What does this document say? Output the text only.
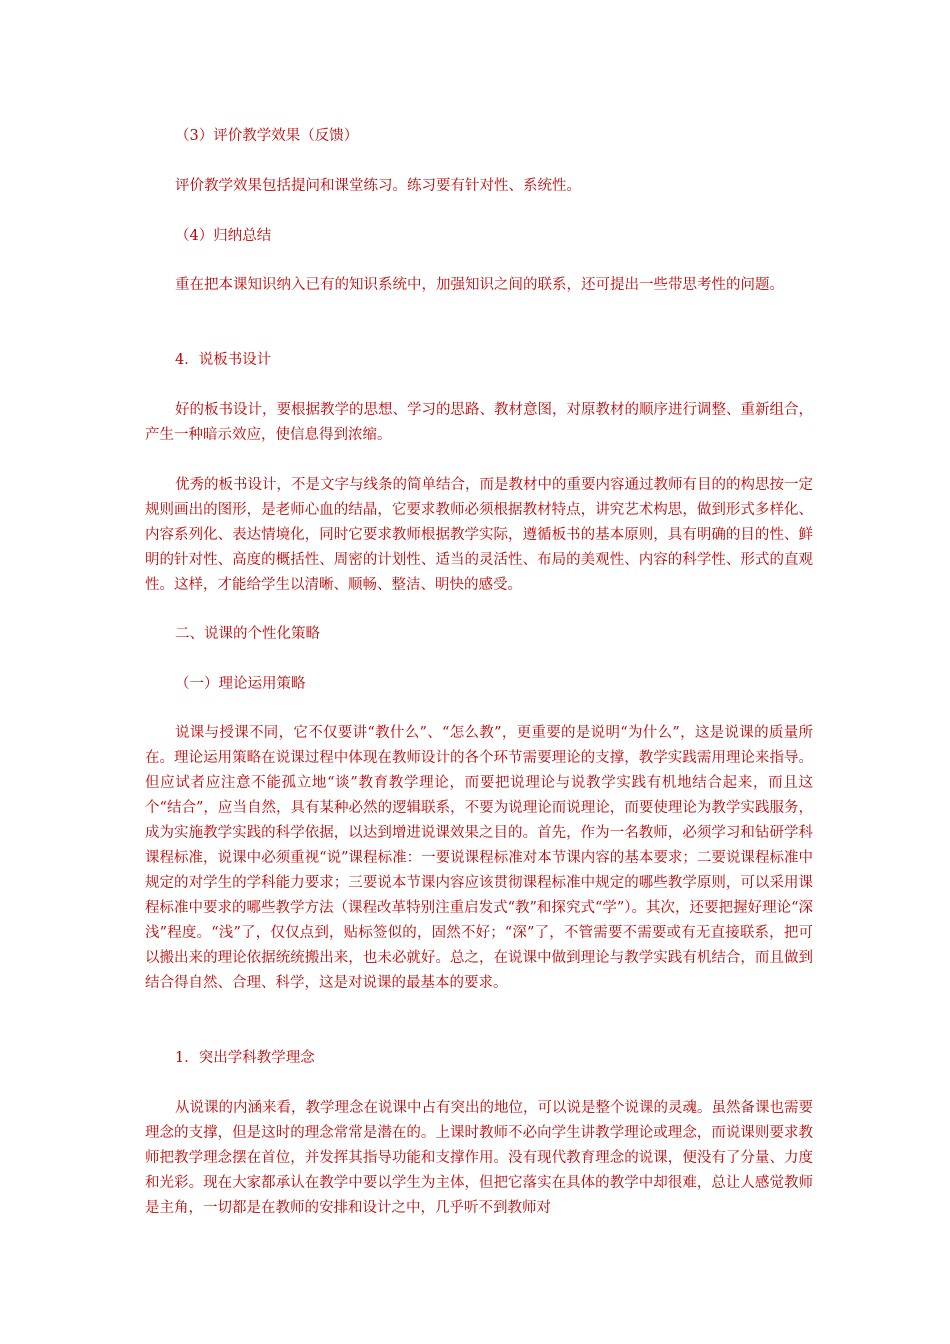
（3）评价教学效果（反馈）

评价教学效果包括提问和课堂练习。练习要有针对性、系统性。

（4）归纳总结

重在把本课知识纳入已有的知识系统中，加强知识之间的联系，还可提出一些带思考性的问题。

4．说板书设计

好的板书设计，要根据教学的思想、学习的思路、教材意图，对原教材的顺序进行调整、重新组合，产生一种暗示效应，使信息得到浓缩。

优秀的板书设计，不是文字与线条的简单结合，而是教材中的重要内容通过教师有目的的构思按一定规则画出的图形，是老师心血的结晶，它要求教师必须根据教材特点，讲究艺术构思，做到形式多样化、内容系列化、表达情境化，同时它要求教师根据教学实际，遵循板书的基本原则，具有明确的目的性、鲜明的针对性、高度的概括性、周密的计划性、适当的灵活性、布局的美观性、内容的科学性、形式的直观性。这样，才能给学生以清晰、顺畅、整洁、明快的感受。

二、说课的个性化策略

（一）理论运用策略

说课与授课不同，它不仅要讲“教什么”、“怎么教”，更重要的是说明“为什么”，这是说课的质量所在。理论运用策略在说课过程中体现在教师设计的各个环节需要理论的支撑，教学实践需用理论来指导。但应试者应注意不能孤立地“谈”教育教学理论，而要把说理论与说教学实践有机地结合起来，而且这个“结合”，应当自然，具有某种必然的逻辑联系，不要为说理论而说理论，而要使理论为教学实践服务，成为实施教学实践的科学依据，以达到增进说课效果之目的。首先，作为一名教师，必须学习和钻研学科课程标准，说课中必须重视“说”课程标准：一要说课程标准对本节课内容的基本要求；二要说课程标准中规定的对学生的学科能力要求；三要说本节课内容应该贯彻课程标准中规定的哪些教学原则，可以采用课程标准中要求的哪些教学方法（课程改革特别注重启发式“教”和探究式“学”）。其次，还要把握好理论“深浅”程度。“浅”了，仅仅点到，贴标签似的，固然不好；“深”了，不管需要不需要或有无直接联系，把可以搬出来的理论依据统统搬出来，也未必就好。总之，在说课中做到理论与教学实践有机结合，而且做到结合得自然、合理、科学，这是对说课的最基本的要求。

1．突出学科教学理念

从说课的内涵来看，教学理念在说课中占有突出的地位，可以说是整个说课的灵魂。虽然备课也需要理念的支撑，但是这时的理念常常是潜在的。上课时教师不必向学生讲教学理论或理念，而说课则要求教师把教学理念摆在首位，并发挥其指导功能和支撑作用。没有现代教育理念的说课，便没有了分量、力度和光彩。现在大家都承认在教学中要以学生为主体，但把它落实在具体的教学中却很难，总让人感觉教师是主角，一切都是在教师的安排和设计之中，几乎听不到教师对
